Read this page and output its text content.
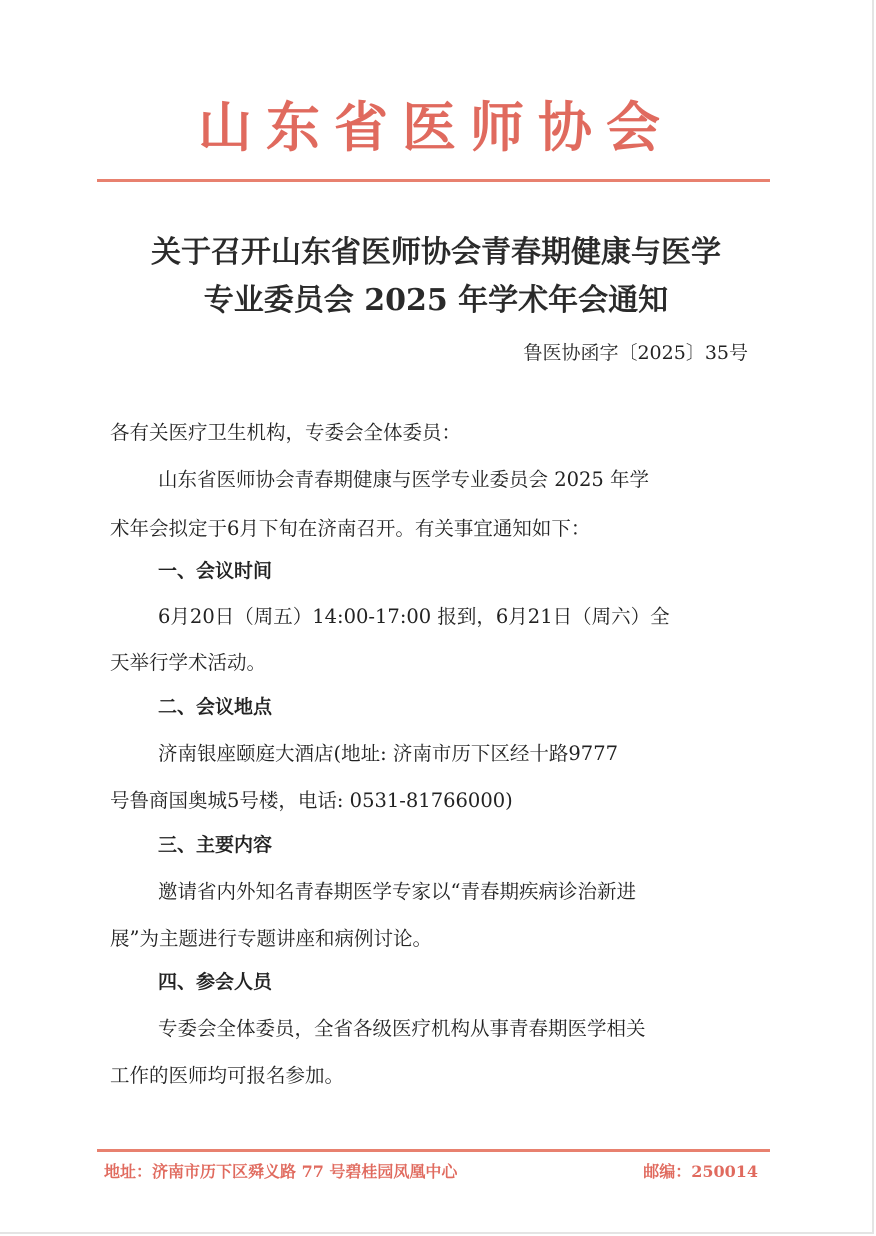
山东省医师协会
关于召开山东省医师协会青春期健康与医学
专业委员会 2025 年学术年会通知
鲁医协函字〔2025〕35号
各有关医疗卫生机构，专委会全体委员：
山东省医师协会青春期健康与医学专业委员会 2025 年学
术年会拟定于6月下旬在济南召开。有关事宜通知如下：
一、会议时间
6月20日（周五）14:00-17:00 报到，6月21日（周六）全
天举行学术活动。
二、会议地点
济南银座颐庭大酒店(地址: 济南市历下区经十路9777
号鲁商国奥城5号楼，电话: 0531-81766000)
三、主要内容
邀请省内外知名青春期医学专家以“青春期疾病诊治新进
展”为主题进行专题讲座和病例讨论。
四、参会人员
专委会全体委员，全省各级医疗机构从事青春期医学相关
工作的医师均可报名参加。
地址：济南市历下区舜义路 77 号碧桂园凤凰中心	邮编：250014
